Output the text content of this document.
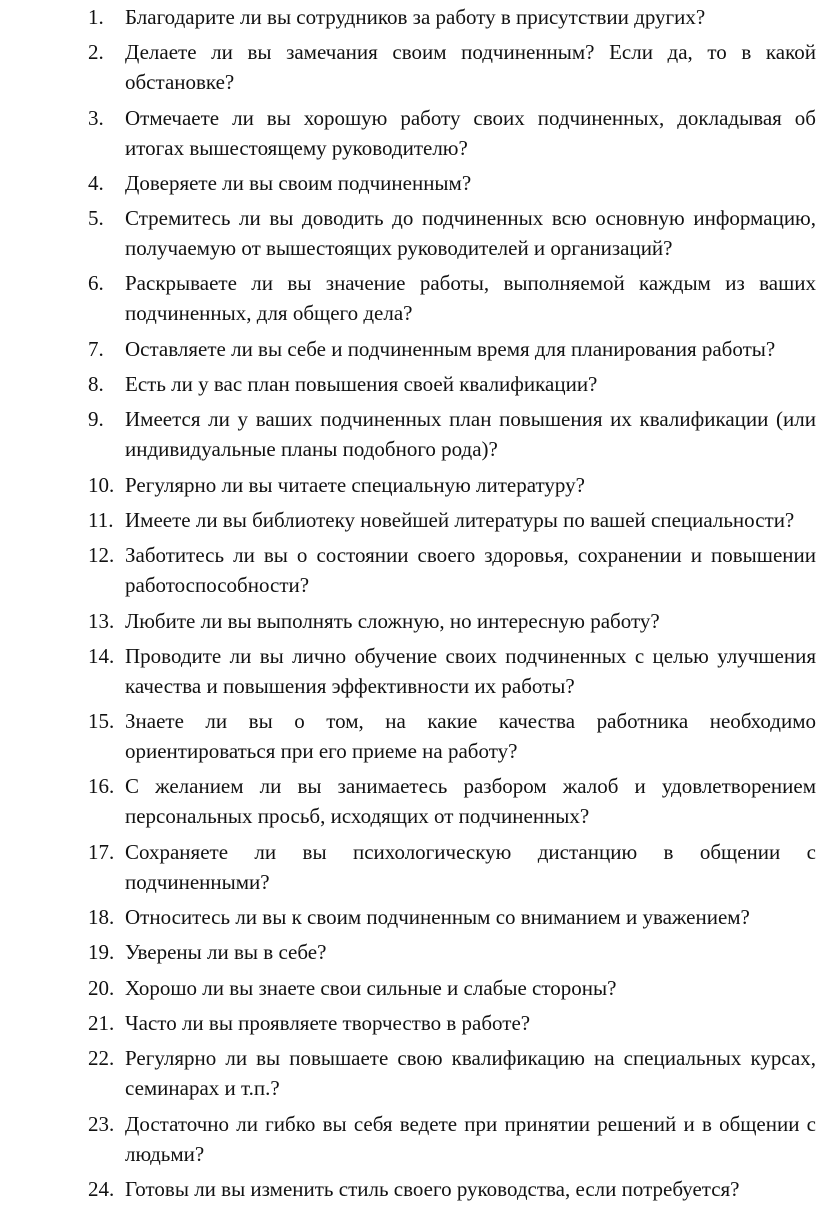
1.	Благодарите ли вы сотрудников за работу в присутствии других?
2.	Делаете ли вы замечания своим подчиненным? Если да, то в какой обстановке?
3.	Отмечаете ли вы хорошую работу своих подчиненных, докладывая об итогах вышестоящему руководителю?
4.	Доверяете ли вы своим подчиненным?
5.	Стремитесь ли вы доводить до подчиненных всю основную информацию, получаемую от вышестоящих руководителей и организаций?
6.	Раскрываете ли вы значение работы, выполняемой каждым из ваших подчиненных, для общего дела?
7.	Оставляете ли вы себе и подчиненным время для планирования работы?
8.	Есть ли у вас план повышения своей квалификации?
9.	Имеется ли у ваших подчиненных план повышения их квалификации (или индивидуальные планы подобного рода)?
10. Регулярно ли вы читаете специальную литературу?
11. Имеете ли вы библиотеку новейшей литературы по вашей специальности?
12. Заботитесь ли вы о состоянии своего здоровья, сохранении и повышении работоспособности?
13. Любите ли вы выполнять сложную, но интересную работу?
14. Проводите ли вы лично обучение своих подчиненных с целью улучшения качества и повышения эффективности их работы?
15. Знаете ли вы о том, на какие качества работника необходимо ориентироваться при его приеме на работу?
16. С желанием ли вы занимаетесь разбором жалоб и удовлетворением персональных просьб, исходящих от подчиненных?
17. Сохраняете ли вы психологическую дистанцию в общении с подчиненными?
18. Относитесь ли вы к своим подчиненным со вниманием и уважением?
19. Уверены ли вы в себе?
20. Хорошо ли вы знаете свои сильные и слабые стороны?
21. Часто ли вы проявляете творчество в работе?
22. Регулярно ли вы повышаете свою квалификацию на специальных курсах, семинарах и т.п.?
23. Достаточно ли гибко вы себя ведете при принятии решений и в общении с людьми?
24. Готовы ли вы изменить стиль своего руководства, если потребуется?
